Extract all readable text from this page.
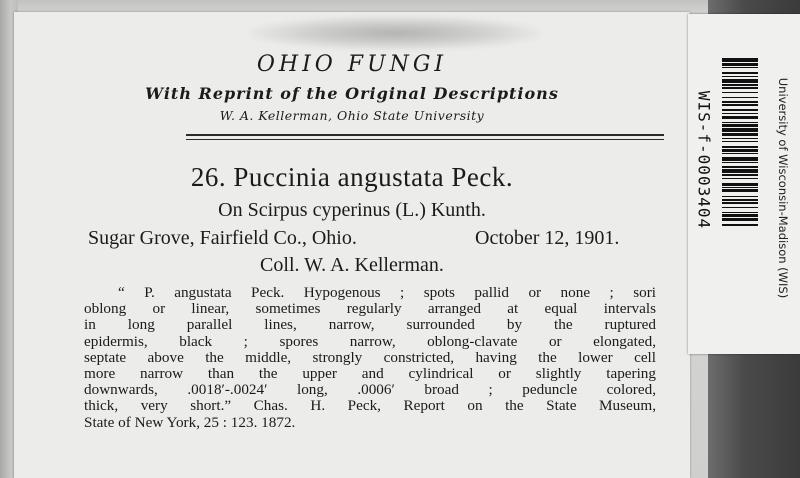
OHIO FUNGI
With Reprint of the Original Descriptions
W. A. Kellerman, Ohio State University
26. Puccinia angustata Peck.
On Scirpus cyperinus (L.) Kunth.
Sugar Grove, Fairfield Co., Ohio.	October 12, 1901.
Coll. W. A. Kellerman.
“ P. angustata Peck. Hypogenous ; spots pallid or none ; sori
oblong or linear, sometimes regularly arranged at equal intervals
in long parallel lines, narrow, surrounded by the ruptured
epidermis, black ; spores narrow, oblong-clavate or elongated,
septate above the middle, strongly constricted, having the lower cell
more narrow than the upper and cylindrical or slightly tapering
downwards, .0018′-.0024′ long, .0006′ broad ; peduncle colored,
thick, very short.” Chas. H. Peck, Report on the State Museum,
State of New York, 25 : 123. 1872.
WIS-f-0003404	University of Wisconsin-Madison (WIS)
